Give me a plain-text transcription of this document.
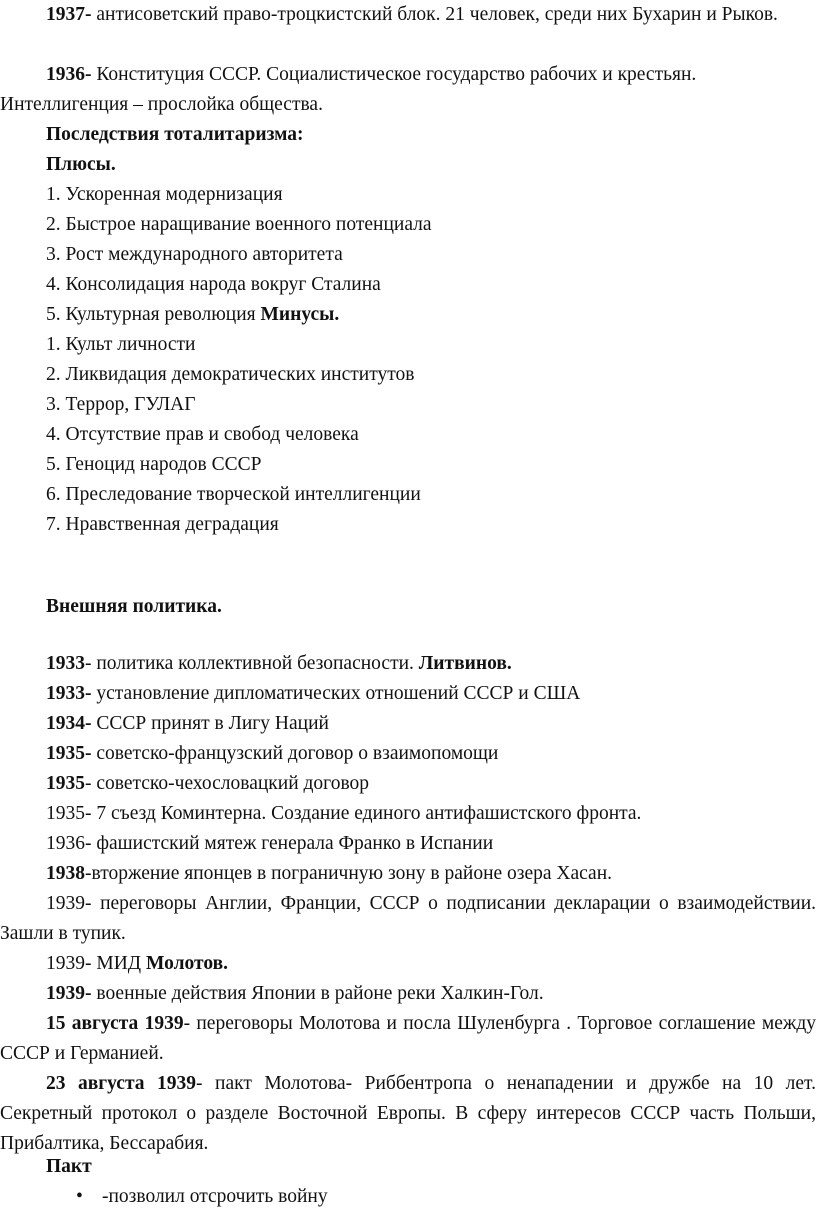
1937- антисоветский право-троцкистский блок. 21 человек, среди них Бухарин и Рыков.

1936- Конституция СССР. Социалистическое государство рабочих и крестьян. Интеллигенция – прослойка общества.

Последствия тоталитаризма:

Плюсы.

1. Ускоренная модернизация

2. Быстрое наращивание военного потенциала

3. Рост международного авторитета

4. Консолидация народа вокруг Сталина

5. Культурная революция Минусы.

1. Культ личности

2. Ликвидация демократических институтов

3. Террор, ГУЛАГ

4. Отсутствие прав и свобод человека

5. Геноцид народов СССР

6. Преследование творческой интеллигенции

7. Нравственная деградация

Внешняя политика.

1933- политика коллективной безопасности. Литвинов.

1933- установление дипломатических отношений СССР и США

1934- СССР принят в Лигу Наций

1935- советско-французский договор о взаимопомощи

1935- советско-чехословацкий договор

1935- 7 съезд Коминтерна. Создание единого антифашистского фронта.

1936- фашистский мятеж генерала Франко в Испании

1938-вторжение японцев в пограничную зону в районе озера Хасан.

1939- переговоры Англии, Франции, СССР о подписании декларации о взаимодействии. Зашли в тупик.

1939- МИД Молотов.

1939- военные действия Японии в районе реки Халкин-Гол.

15 августа 1939- переговоры Молотова и посла Шуленбурга . Торговое соглашение между СССР и Германией.

23 августа 1939- пакт Молотова- Риббентропа о ненападении и дружбе на 10 лет. Секретный протокол о разделе Восточной Европы. В сферу интересов СССР часть Польши, Прибалтика, Бессарабия.

Пакт

• -позволил отсрочить войну
